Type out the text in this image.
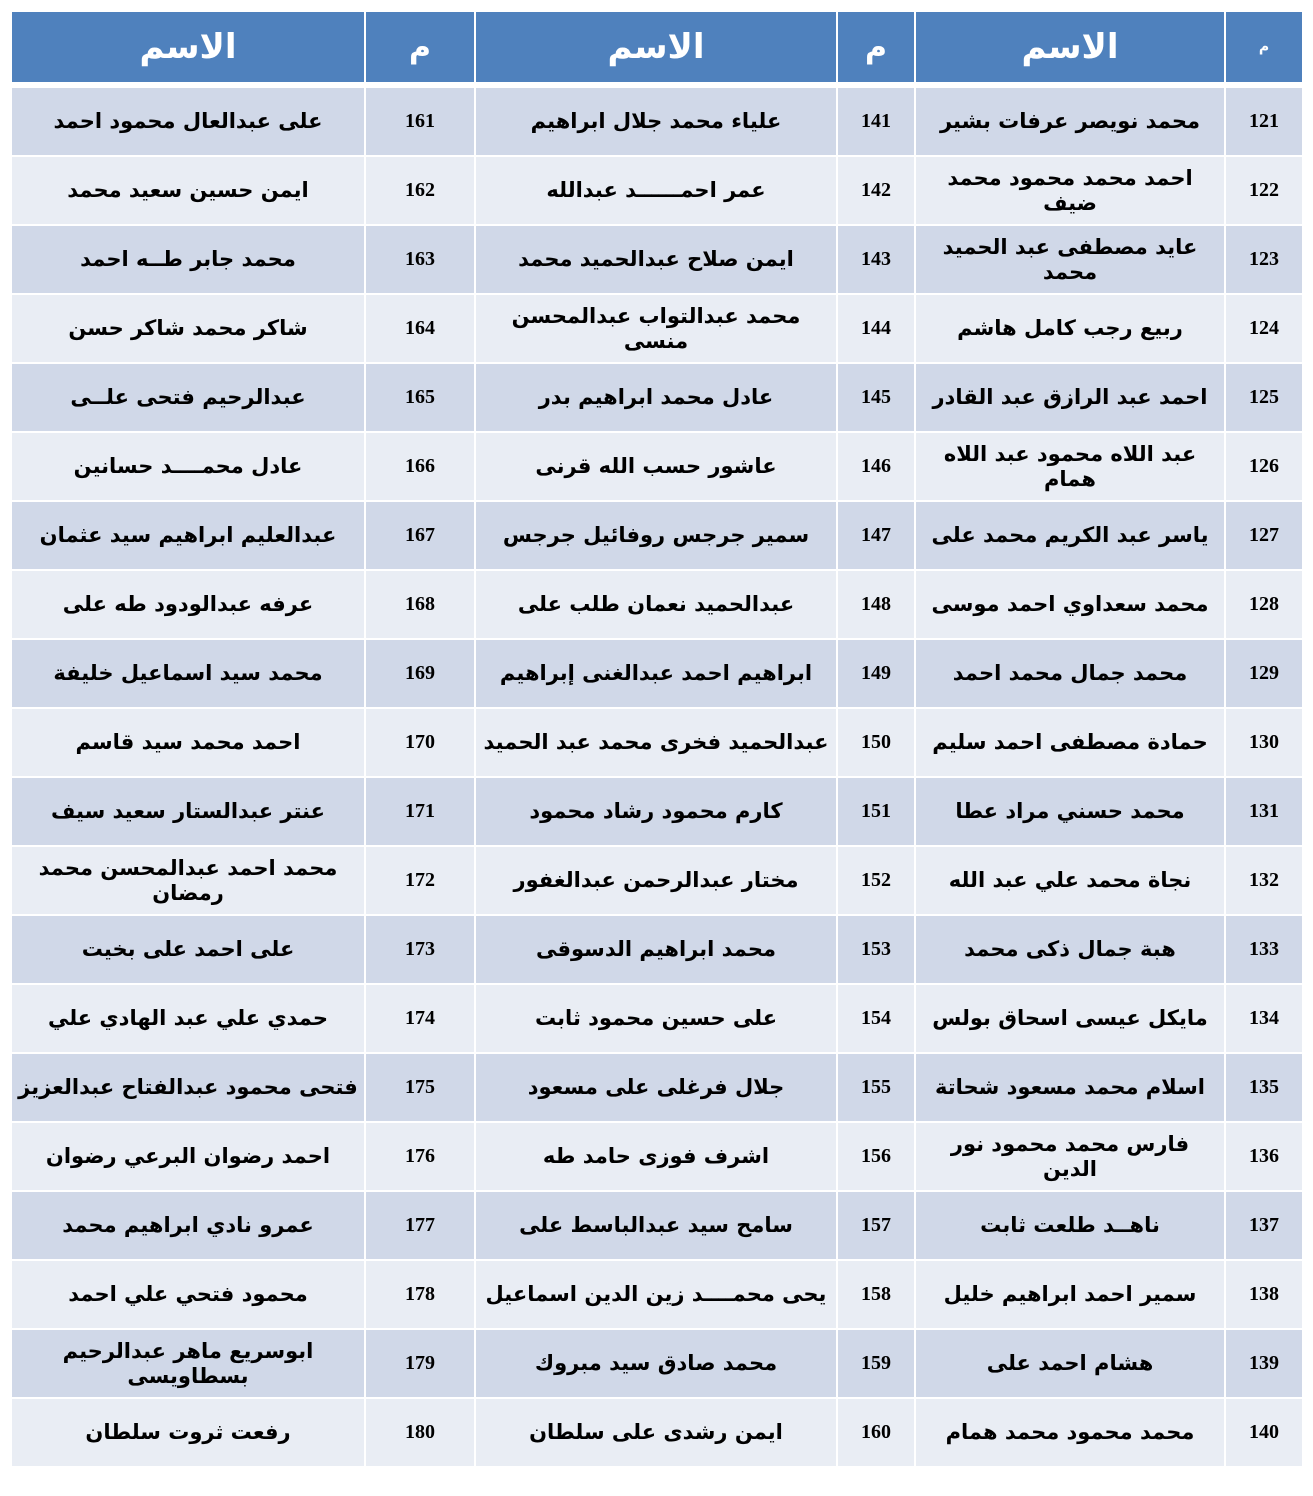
م	الاسم	م	الاسم	م	الاسم
121	محمد نويصر عرفات بشير	141	علياء محمد جلال ابراهيم	161	على عبدالعال محمود احمد
122	احمد محمد محمود محمد ضيف	142	عمر احمــــــد عبدالله	162	ايمن حسين سعيد محمد
123	عايد مصطفى عبد الحميد محمد	143	ايمن صلاح عبدالحميد محمد	163	محمد جابر طــه احمد
124	ربيع رجب كامل هاشم	144	محمد عبدالتواب عبدالمحسن منسى	164	شاكر محمد شاكر حسن
125	احمد عبد الرازق عبد القادر	145	عادل محمد ابراهيم بدر	165	عبدالرحيم فتحى علــى
126	عبد اللاه محمود عبد اللاه همام	146	عاشور حسب الله قرنى	166	عادل محمــــد حسانين
127	ياسر عبد الكريم محمد على	147	سمير جرجس روفائيل جرجس	167	عبدالعليم ابراهيم سيد عثمان
128	محمد سعداوي احمد موسى	148	عبدالحميد نعمان طلب على	168	عرفه عبدالودود طه على
129	محمد جمال محمد احمد	149	ابراهيم احمد عبدالغنى إبراهيم	169	محمد سيد اسماعيل خليفة
130	حمادة مصطفى احمد سليم	150	عبدالحميد فخرى محمد عبد الحميد	170	احمد محمد سيد قاسم
131	محمد حسني مراد عطا	151	كارم محمود رشاد محمود	171	عنتر عبدالستار سعيد سيف
132	نجاة محمد علي عبد الله	152	مختار عبدالرحمن عبدالغفور	172	محمد احمد عبدالمحسن محمد رمضان
133	هبة جمال ذكى محمد	153	محمد ابراهيم الدسوقى	173	على احمد على بخيت
134	مايكل عيسى اسحاق بولس	154	على حسين محمود ثابت	174	حمدي علي عبد الهادي علي
135	اسلام محمد مسعود شحاتة	155	جلال فرغلى على مسعود	175	فتحى محمود عبدالفتاح عبدالعزيز
136	فارس محمد محمود نور الدين	156	اشرف فوزى حامد طه	176	احمد رضوان البرعي رضوان
137	ناهــد طلعت ثابت	157	سامح سيد عبدالباسط على	177	عمرو نادي ابراهيم محمد
138	سمير احمد ابراهيم خليل	158	يحى محمــــد زين الدين اسماعيل	178	محمود فتحي علي احمد
139	هشام احمد على	159	محمد صادق سيد مبروك	179	ابوسريع ماهر عبدالرحيم بسطاويسى
140	محمد محمود محمد همام	160	ايمن رشدى على سلطان	180	رفعت ثروت سلطان
